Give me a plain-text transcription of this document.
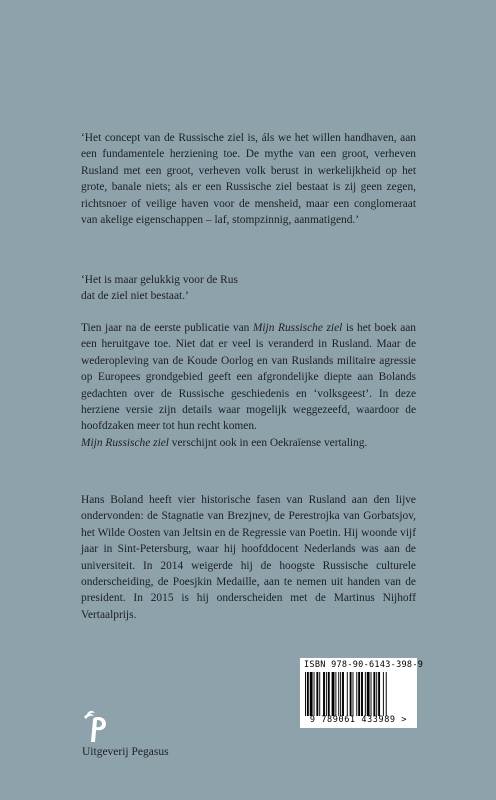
‘Het concept van de Russische ziel is, áls we het willen handhaven, aan een fundamentele herziening toe. De mythe van een groot, verheven Rusland met een groot, verheven volk berust in werkelijkheid op het grote, banale niets; als er een Russische ziel bestaat is zij geen zegen, richtsnoer of veilige haven voor de mensheid, maar een conglomeraat van akelige eigenschappen – laf, stompzinnig, aanmatigend.’

‘Het is maar gelukkig voor de Rus

dat de ziel niet bestaat.’

Tien jaar na de eerste publicatie van Mijn Russische ziel is het boek aan een heruitgave toe. Niet dat er veel is veranderd in Rusland. Maar de wederopleving van de Koude Oorlog en van Ruslands militaire agressie op Europees grondgebied geeft een afgrondelijke diepte aan Bolands gedachten over de Russische geschiedenis en ‘volksgeest’. In deze herziene versie zijn details waar mogelijk weggezeefd, waardoor de hoofdzaken meer tot hun recht komen.

Mijn Russische ziel verschijnt ook in een Oekraïense vertaling.

Hans Boland heeft vier historische fasen van Rusland aan den lijve ondervonden: de Stagnatie van Brezjnev, de Perestrojka van Gorbatsjov, het Wilde Oosten van Jeltsin en de Regressie van Poetin. Hij woonde vijf jaar in Sint-Petersburg, waar hij hoofddocent Nederlands was aan de universiteit. In 2014 weigerde hij de hoogste Russische culturele onderscheiding, de Poesjkin Medaille, aan te nemen uit handen van de president. In 2015 is hij onderscheiden met de Martinus Nijhoff Vertaalprijs.

ISBN 978-90-6143-398-9
9 789061 433989 >
Uitgeverij Pegasus
